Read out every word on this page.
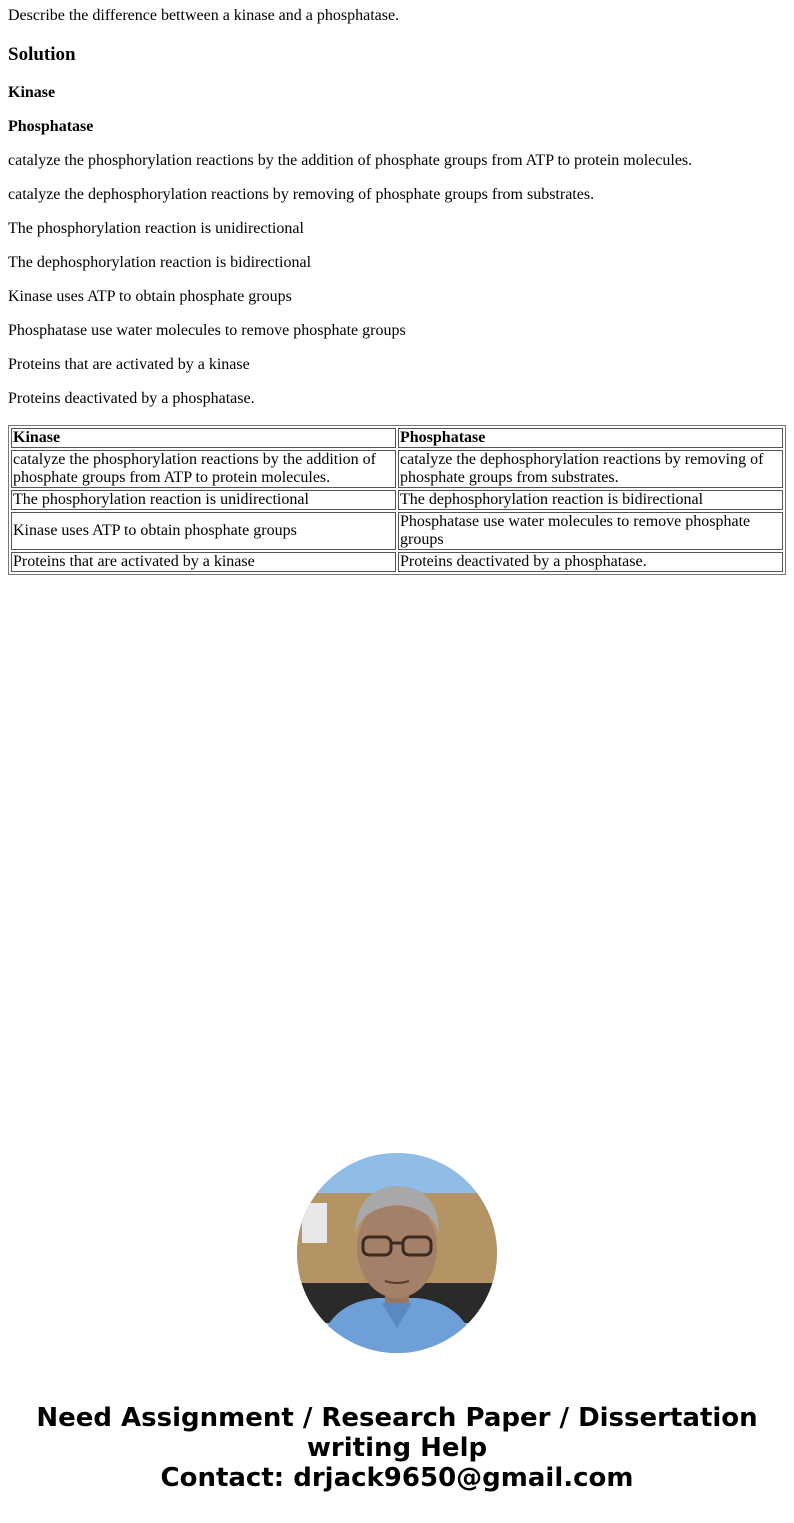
Describe the difference bettween a kinase and a phosphatase.

Solution

Kinase

Phosphatase

catalyze the phosphorylation reactions by the addition of phosphate groups from ATP to protein molecules.

catalyze the dephosphorylation reactions by removing of phosphate groups from substrates.

The phosphorylation reaction is unidirectional

The dephosphorylation reaction is bidirectional

Kinase uses ATP to obtain phosphate groups

Phosphatase use water molecules to remove phosphate groups

Proteins that are activated by a kinase

Proteins deactivated by a phosphatase.

Kinase	Phosphatase
catalyze the phosphorylation reactions by the addition of phosphate groups from ATP to protein molecules.	catalyze the dephosphorylation reactions by removing of phosphate groups from substrates.
The phosphorylation reaction is unidirectional	The dephosphorylation reaction is bidirectional
Kinase uses ATP to obtain phosphate groups	Phosphatase use water molecules to remove phosphate groups
Proteins that are activated by a kinase	Proteins deactivated by a phosphatase.
Need Assignment / Research Paper / Dissertation
writing Help
Contact: drjack9650@gmail.com
